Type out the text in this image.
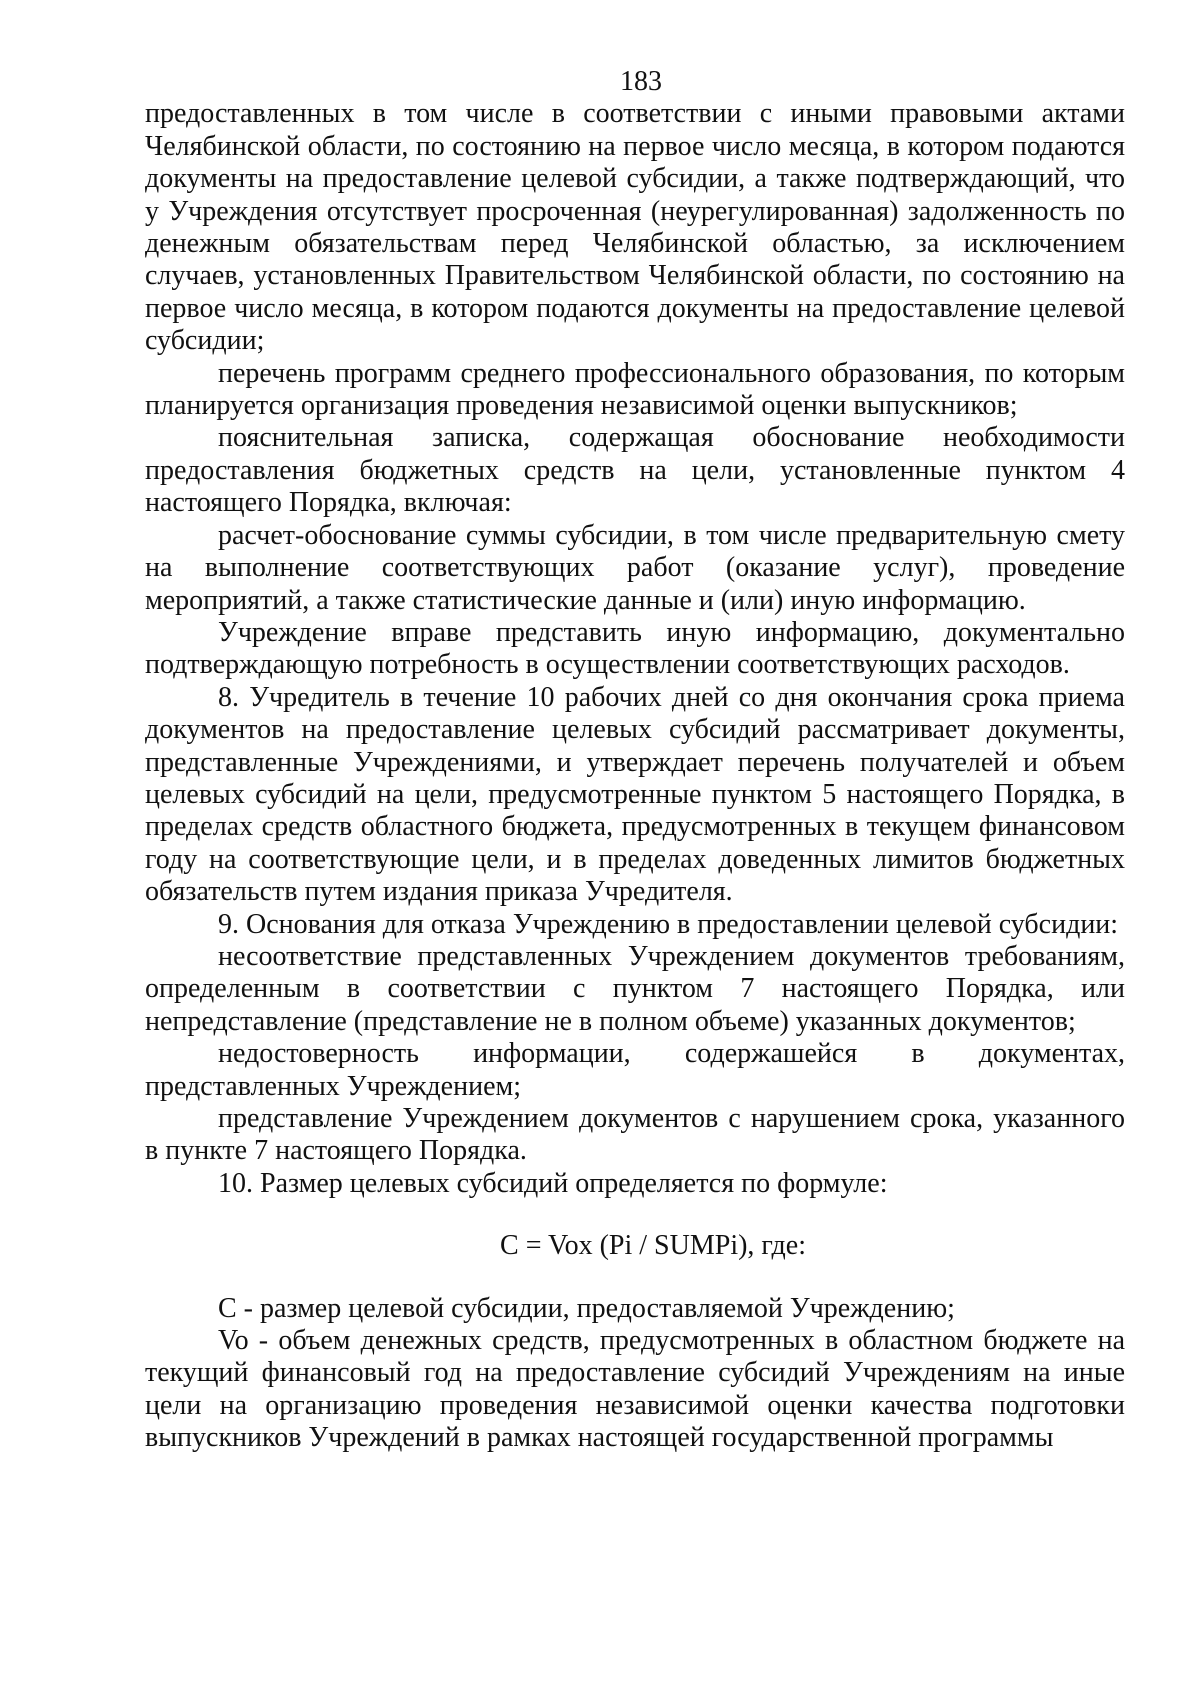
183

предоставленных в том числе в соответствии с иными правовыми актами Челябинской области, по состоянию на первое число месяца, в котором подаются документы на предоставление целевой субсидии, а также подтверждающий, что у Учреждения отсутствует просроченная (неурегулированная) задолженность по денежным обязательствам перед Челябинской областью, за исключением случаев, установленных Правительством Челябинской области, по состоянию на первое число месяца, в котором подаются документы на предоставление целевой субсидии;

перечень программ среднего профессионального образования, по которым планируется организация проведения независимой оценки выпускников;

пояснительная записка, содержащая обоснование необходимости предоставления бюджетных средств на цели, установленные пунктом 4 настоящего Порядка, включая:

расчет-обоснование суммы субсидии, в том числе предварительную смету на выполнение соответствующих работ (оказание услуг), проведение мероприятий, а также статистические данные и (или) иную информацию.

Учреждение вправе представить иную информацию, документально подтверждающую потребность в осуществлении соответствующих расходов.

8. Учредитель в течение 10 рабочих дней со дня окончания срока приема документов на предоставление целевых субсидий рассматривает документы, представленные Учреждениями, и утверждает перечень получателей и объем целевых субсидий на цели, предусмотренные пунктом 5 настоящего Порядка, в пределах средств областного бюджета, предусмотренных в текущем финансовом году на соответствующие цели, и в пределах доведенных лимитов бюджетных обязательств путем издания приказа Учредителя.

9. Основания для отказа Учреждению в предоставлении целевой субсидии:

несоответствие представленных Учреждением документов требованиям, определенным в соответствии с пунктом 7 настоящего Порядка, или непредставление (представление не в полном объеме) указанных документов;

недостоверность информации, содержашейся в документах, представленных Учреждением;

представление Учреждением документов с нарушением срока, указанного в пункте 7 настоящего Порядка.

10. Размер целевых субсидий определяется по формуле:

C = Vox (Pi / SUMPi), где:

C - размер целевой субсидии, предоставляемой Учреждению;

Vo - объем денежных средств, предусмотренных в областном бюджете на текущий финансовый год на предоставление субсидий Учреждениям на иные цели на организацию проведения независимой оценки качества подготовки выпускников Учреждений в рамках настоящей государственной программы
